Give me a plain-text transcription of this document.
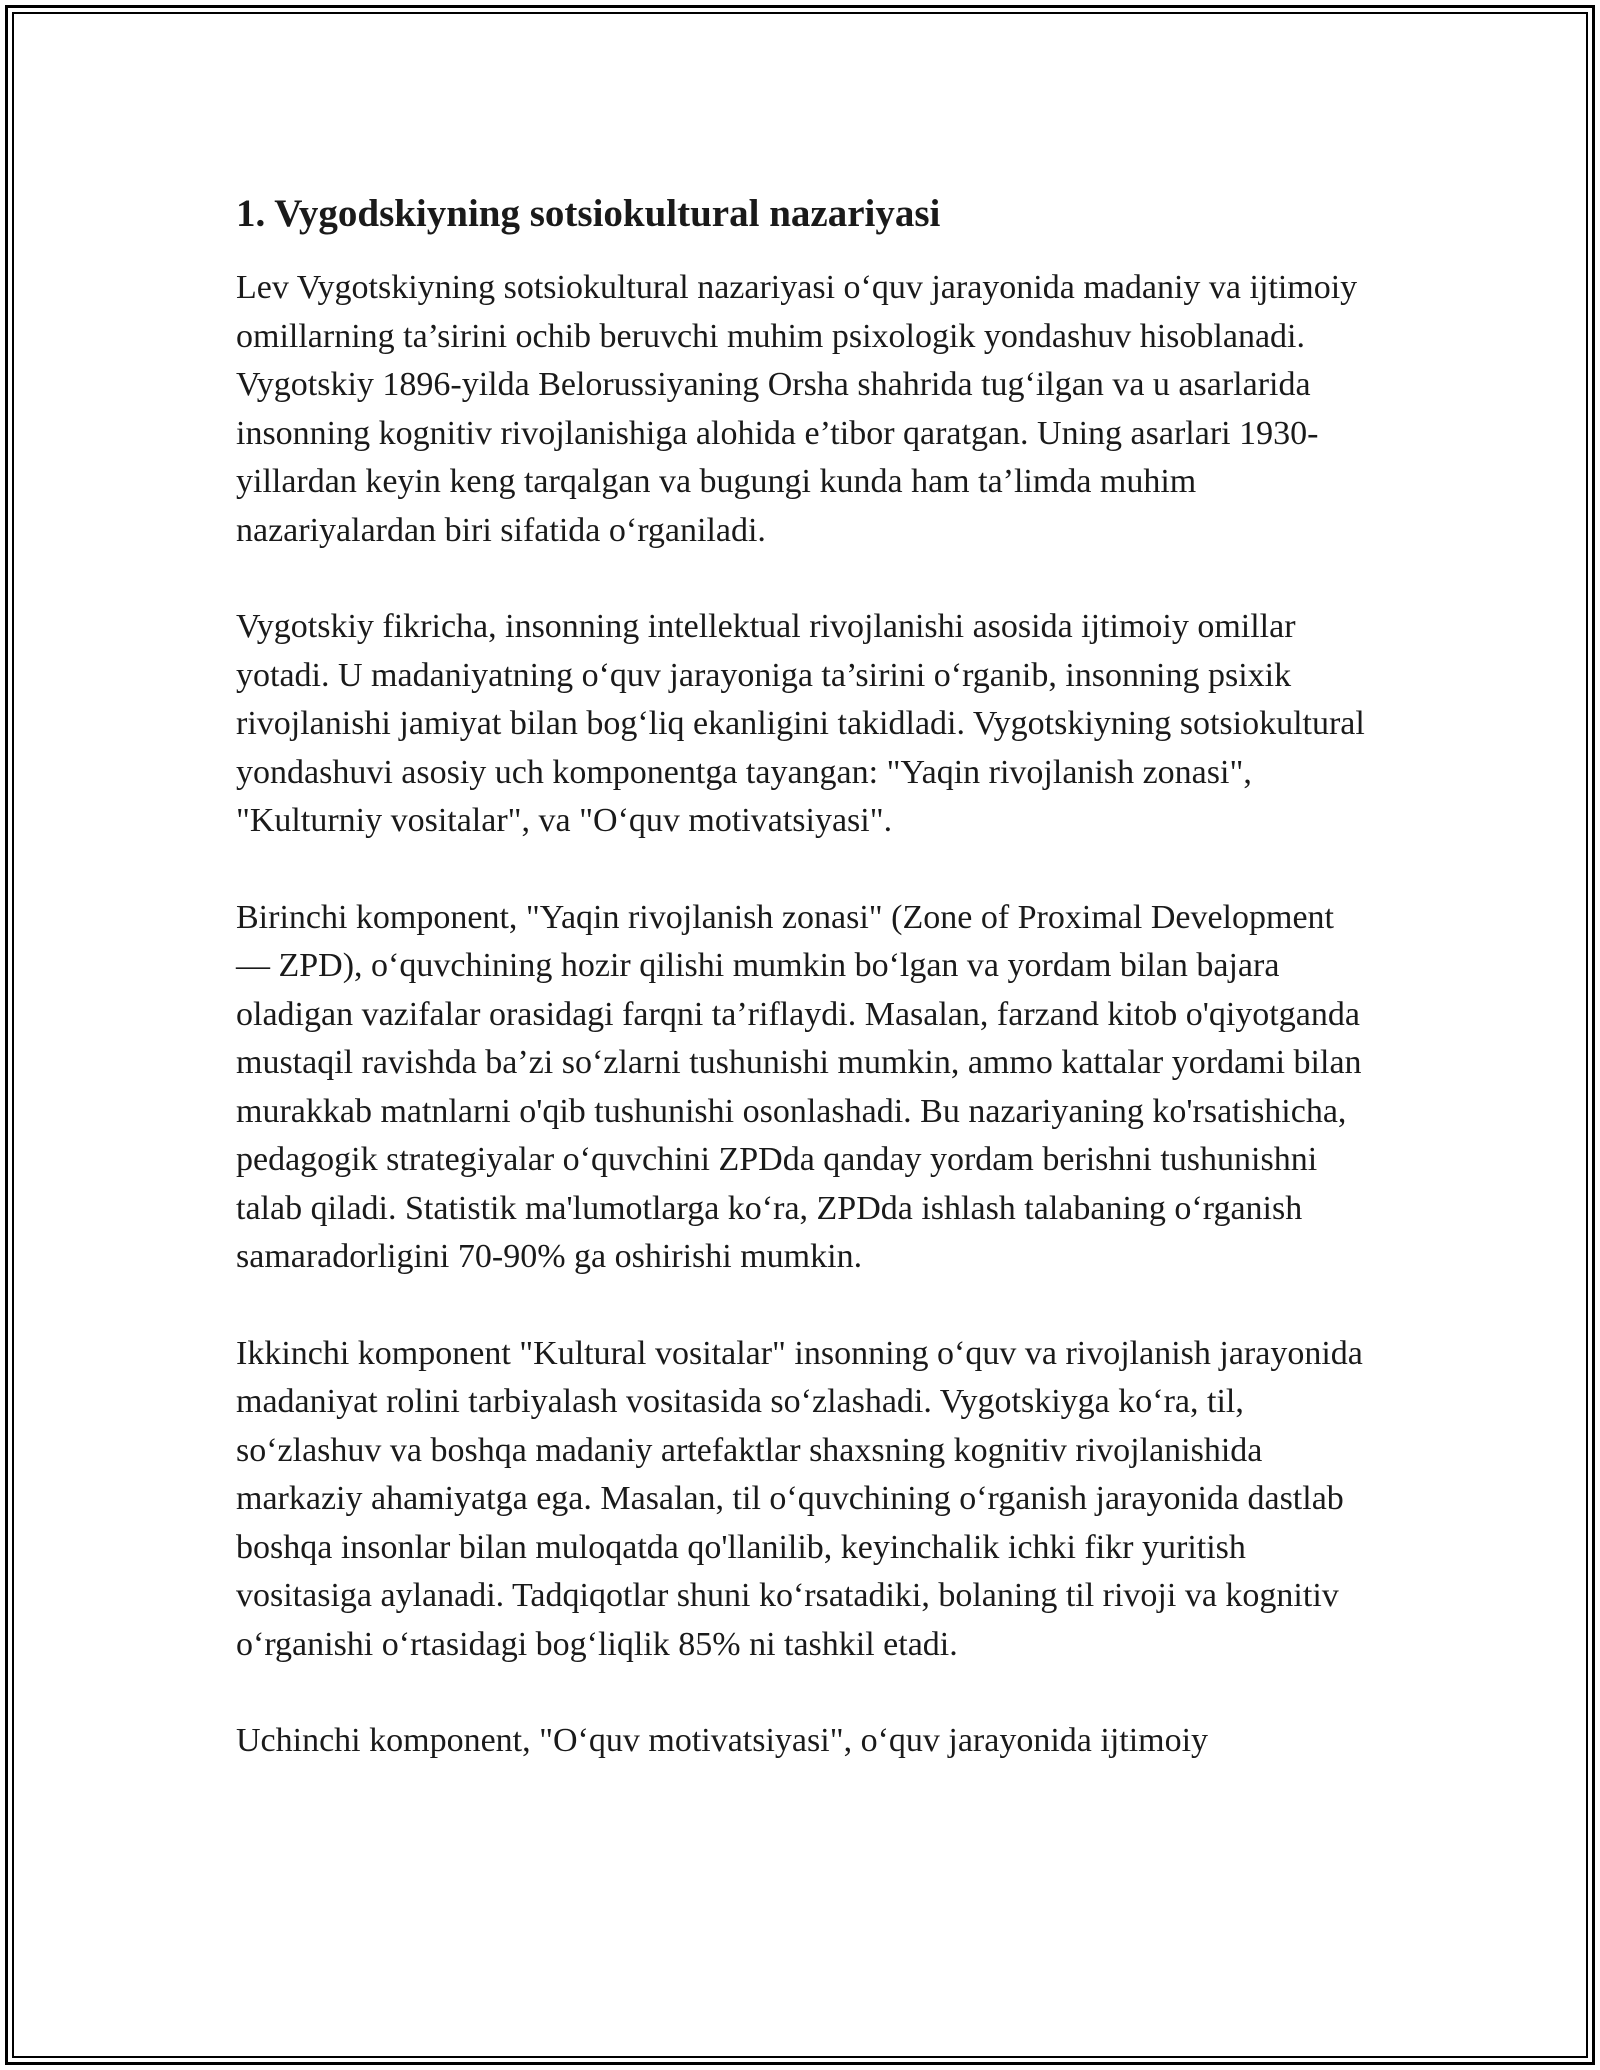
1. Vygodskiyning sotsiokultural nazariyasi

Lev Vygotskiyning sotsiokultural nazariyasi o‘quv jarayonida madaniy va ijtimoiy omillarning ta’sirini ochib beruvchi muhim psixologik yondashuv hisoblanadi. Vygotskiy 1896-yilda Belorussiyaning Orsha shahrida tug‘ilgan va u asarlarida insonning kognitiv rivojlanishiga alohida e’tibor qaratgan. Uning asarlari 1930-yillardan keyin keng tarqalgan va bugungi kunda ham ta’limda muhim nazariyalardan biri sifatida o‘rganiladi.

Vygotskiy fikricha, insonning intellektual rivojlanishi asosida ijtimoiy omillar yotadi. U madaniyatning o‘quv jarayoniga ta’sirini o‘rganib, insonning psixik rivojlanishi jamiyat bilan bog‘liq ekanligini takidladi. Vygotskiyning sotsiokultural yondashuvi asosiy uch komponentga tayangan: "Yaqin rivojlanish zonasi", "Kulturniy vositalar", va "O‘quv motivatsiyasi".

Birinchi komponent, "Yaqin rivojlanish zonasi" (Zone of Proximal Development — ZPD), o‘quvchining hozir qilishi mumkin bo‘lgan va yordam bilan bajara oladigan vazifalar orasidagi farqni ta’riflaydi. Masalan, farzand kitob o'qiyotganda mustaqil ravishda ba’zi so‘zlarni tushunishi mumkin, ammo kattalar yordami bilan murakkab matnlarni o'qib tushunishi osonlashadi. Bu nazariyaning ko'rsatishicha, pedagogik strategiyalar o‘quvchini ZPDda qanday yordam berishni tushunishni talab qiladi. Statistik ma'lumotlarga ko‘ra, ZPDda ishlash talabaning o‘rganish samaradorligini 70-90% ga oshirishi mumkin.

Ikkinchi komponent "Kultural vositalar" insonning o‘quv va rivojlanish jarayonida madaniyat rolini tarbiyalash vositasida so‘zlashadi. Vygotskiyga ko‘ra, til, so‘zlashuv va boshqa madaniy artefaktlar shaxsning kognitiv rivojlanishida markaziy ahamiyatga ega. Masalan, til o‘quvchining o‘rganish jarayonida dastlab boshqa insonlar bilan muloqatda qo'llanilib, keyinchalik ichki fikr yuritish vositasiga aylanadi. Tadqiqotlar shuni ko‘rsatadiki, bolaning til rivoji va kognitiv o‘rganishi o‘rtasidagi bog‘liqlik 85% ni tashkil etadi.

Uchinchi komponent, "O‘quv motivatsiyasi", o‘quv jarayonida ijtimoiy
